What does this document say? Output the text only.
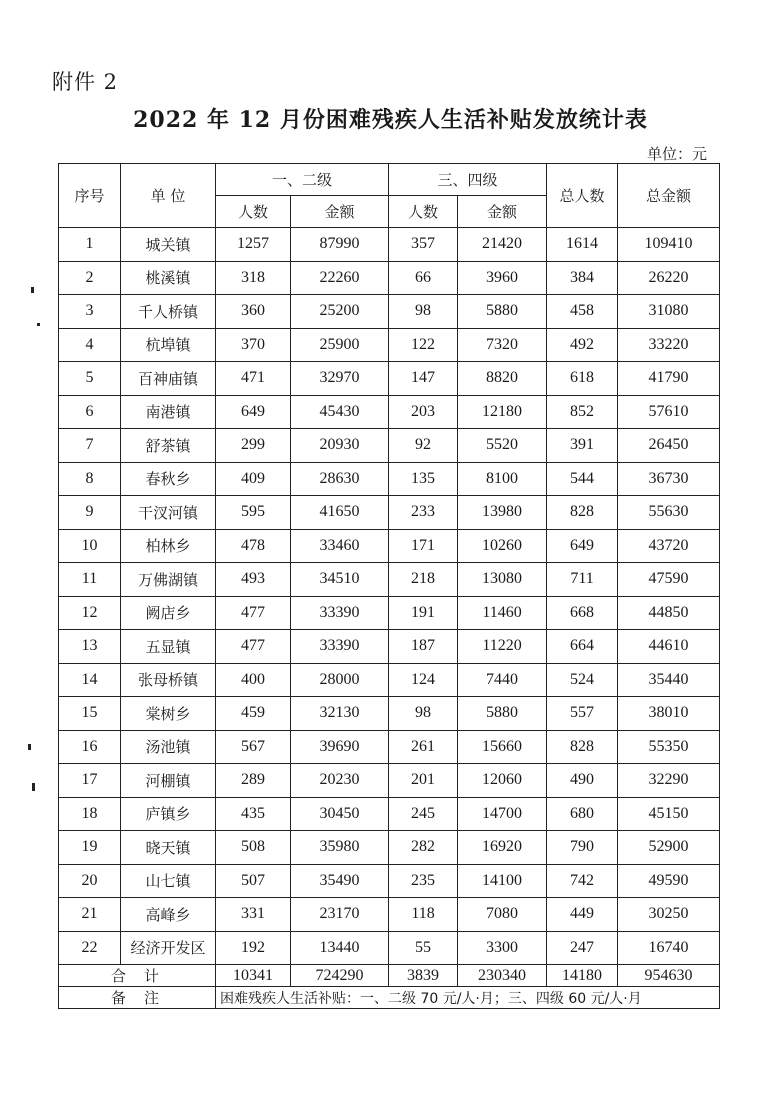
附件 2
2022 年 12 月份困难残疾人生活补贴发放统计表
单位：元
序号	单 位	一、二级		三、四级		总人数	总金额
		人数	金额	人数	金额		
1	城关镇	1257	87990	357	21420	1614	109410
2	桃溪镇	318	22260	66	3960	384	26220
3	千人桥镇	360	25200	98	5880	458	31080
4	杭埠镇	370	25900	122	7320	492	33220
5	百神庙镇	471	32970	147	8820	618	41790
6	南港镇	649	45430	203	12180	852	57610
7	舒茶镇	299	20930	92	5520	391	26450
8	春秋乡	409	28630	135	8100	544	36730
9	干汊河镇	595	41650	233	13980	828	55630
10	柏林乡	478	33460	171	10260	649	43720
11	万佛湖镇	493	34510	218	13080	711	47590
12	阙店乡	477	33390	191	11460	668	44850
13	五显镇	477	33390	187	11220	664	44610
14	张母桥镇	400	28000	124	7440	524	35440
15	棠树乡	459	32130	98	5880	557	38010
16	汤池镇	567	39690	261	15660	828	55350
17	河棚镇	289	20230	201	12060	490	32290
18	庐镇乡	435	30450	245	14700	680	45150
19	晓天镇	508	35980	282	16920	790	52900
20	山七镇	507	35490	235	14100	742	49590
21	高峰乡	331	23170	118	7080	449	30250
22	经济开发区	192	13440	55	3300	247	16740
合计		10341	724290	3839	230340	14180	954630
备注		困难残疾人生活补贴：一、二级 70 元/人·月；三、四级 60 元/人·月					
